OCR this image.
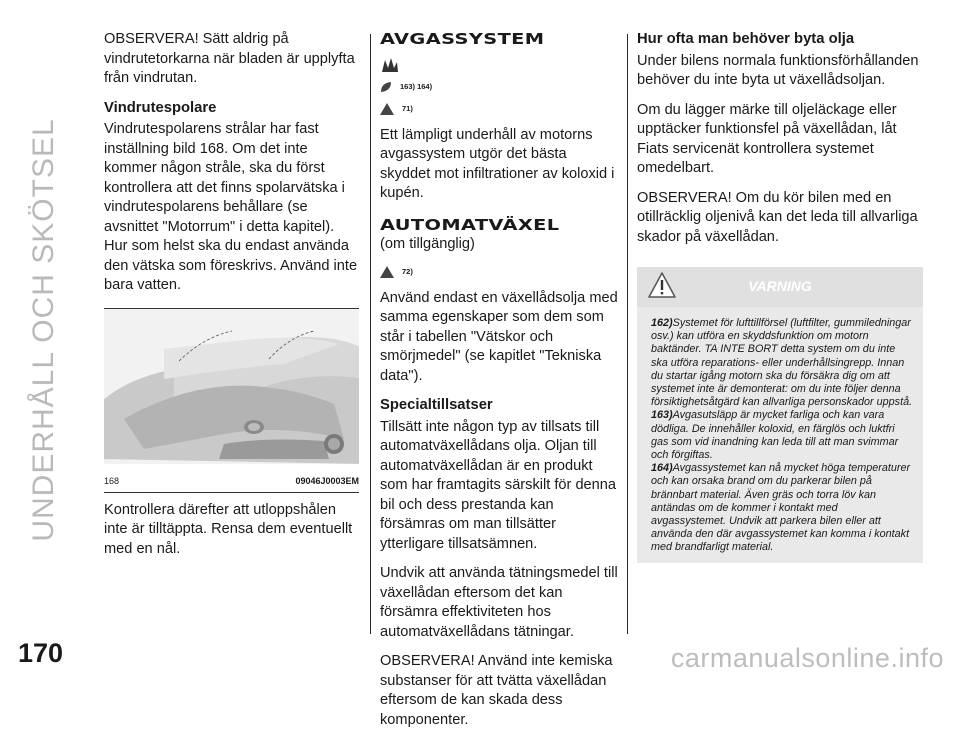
UNDERHÅLL OCH SKÖTSEL
170

OBSERVERA! Sätt aldrig på vindrutetorkarna när bladen är upplyfta från vindrutan.

Vindrutespolare

Vindrutespolarens strålar har fast inställning bild 168. Om det inte kommer någon stråle, ska du först kontrollera att det finns spolarvätska i vindrutespolarens behållare (se avsnittet "Motorrum" i detta kapitel). Hur som helst ska du endast använda den vätska som föreskrivs. Använd inte bara vatten.

168	09046J0003EM

Kontrollera därefter att utloppshålen inte är tilltäppta. Rensa dem eventuellt med en nål.

AVGASSYSTEM
163) 164)
71)

Ett lämpligt underhåll av motorns avgassystem utgör det bästa skyddet mot infiltrationer av koloxid i kupén.

AUTOMATVÄXEL
(om tillgänglig)
72)

Använd endast en växellådsolja med samma egenskaper som dem som står i tabellen "Vätskor och smörjmedel" (se kapitlet "Tekniska data").

Specialtillsatser

Tillsätt inte någon typ av tillsats till automatväxellådans olja. Oljan till automatväxellådan är en produkt som har framtagits särskilt för denna bil och dess prestanda kan försämras om man tillsätter ytterligare tillsatsämnen.

Undvik att använda tätningsmedel till växellådan eftersom det kan försämra effektiviteten hos automatväxellådans tätningar.

OBSERVERA! Använd inte kemiska substanser för att tvätta växellådan eftersom de kan skada dess komponenter.

Hur ofta man behöver byta olja

Under bilens normala funktionsförhållanden behöver du inte byta ut växellådsoljan.

Om du lägger märke till oljeläckage eller upptäcker funktionsfel på växellådan, låt Fiats servicenät kontrollera systemet omedelbart.

OBSERVERA! Om du kör bilen med en otillräcklig oljenivå kan det leda till allvarliga skador på växellådan.

VARNING

162)Systemet för lufttillförsel (luftfilter, gummiledningar osv.) kan utföra en skyddsfunktion om motorn baktänder. TA INTE BORT detta system om du inte ska utföra reparations- eller underhållsingrepp. Innan du startar igång motorn ska du försäkra dig om att systemet inte är demonterat: om du inte följer denna försiktighetsåtgärd kan allvarliga personskador uppstå.

163)Avgasutsläpp är mycket farliga och kan vara dödliga. De innehåller koloxid, en färglös och luktfri gas som vid inandning kan leda till att man svimmar och förgiftas.

164)Avgassystemet kan nå mycket höga temperaturer och kan orsaka brand om du parkerar bilen på brännbart material. Även gräs och torra löv kan antändas om de kommer i kontakt med avgassystemet. Undvik att parkera bilen eller att använda den där avgassystemet kan komma i kontakt med brandfarligt material.

carmanualsonline.info
